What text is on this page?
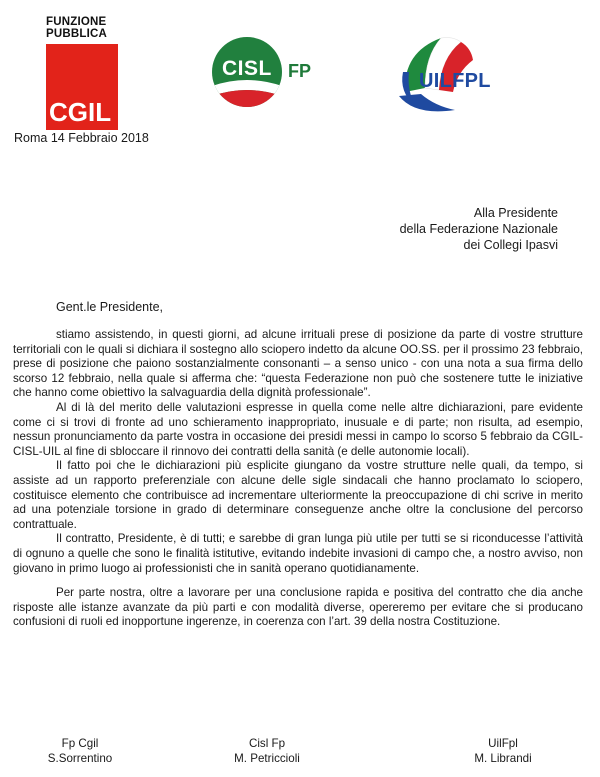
FUNZIONE
PUBBLICA
CGIL
CISL FP	UILFPL
Roma 14 Febbraio 2018
Alla Presidente
della Federazione Nazionale
dei Collegi Ipasvi
Gent.le Presidente,

stiamo assistendo, in questi giorni, ad alcune irrituali prese di posizione da parte di vostre strutture territoriali con le quali si dichiara il sostegno allo sciopero indetto da alcune OO.SS. per il prossimo 23 febbraio, prese di posizione che paiono sostanzialmente consonanti – a senso unico - con una nota a sua firma dello scorso 12 febbraio, nella quale si afferma che: “questa Federazione non può che sostenere tutte le iniziative che hanno come obiettivo la salvaguardia della dignità professionale”.

Al di là del merito delle valutazioni espresse in quella come nelle altre dichiarazioni, pare evidente come ci si trovi di fronte ad uno schieramento inappropriato, inusuale e di parte; non risulta, ad esempio, nessun pronunciamento da parte vostra in occasione dei presidi messi in campo lo scorso 5 febbraio da CGIL-CISL-UIL al fine di sbloccare il rinnovo dei contratti della sanità (e delle autonomie locali).

Il fatto poi che le dichiarazioni più esplicite giungano da vostre strutture nelle quali, da tempo, si assiste ad un rapporto preferenziale con alcune delle sigle sindacali che hanno proclamato lo sciopero, costituisce elemento che contribuisce ad incrementare ulteriormente la preoccupazione di chi scrive in merito ad una potenziale torsione in grado di determinare conseguenze anche oltre la conclusione del percorso contrattuale.

Il contratto, Presidente, è di tutti; e sarebbe di gran lunga più utile per tutti se si riconducesse l’attività di ognuno a quelle che sono le finalità istitutive, evitando indebite invasioni di campo che, a nostro avviso, non giovano in primo luogo ai professionisti che in sanità operano quotidianamente.

Per parte nostra, oltre a lavorare per una conclusione rapida e positiva del contratto che dia anche risposte alle istanze avanzate da più parti e con modalità diverse, opereremo per evitare che si producano confusioni di ruoli ed inopportune ingerenze, in coerenza con l’art. 39 della nostra Costituzione.

Fp Cgil
S.Sorrentino
Cisl Fp
M. Petriccioli
UilFpl
M. Librandi
